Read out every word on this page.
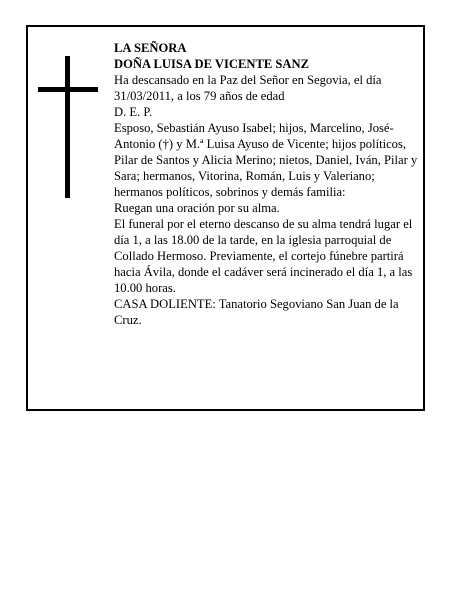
LA SEÑORA

DOÑA LUISA DE VICENTE SANZ

Ha descansado en la Paz del Señor en Segovia, el día 31/03/2011, a los 79 años de edad

D. E. P.

Esposo, Sebastián Ayuso Isabel; hijos, Marcelino, José-Antonio (†) y M.ª Luisa Ayuso de Vicente; hijos políticos, Pilar de Santos y Alicia Merino; nietos, Daniel, Iván, Pilar y Sara; hermanos, Vitorina, Román, Luis y Valeriano; hermanos políticos, sobrinos y demás familia:

Ruegan una oración por su alma.

El funeral por el eterno descanso de su alma tendrá lugar el día 1, a las 18.00 de la tarde, en la iglesia parroquial de Collado Hermoso. Previamente, el cortejo fúnebre partirá hacia Ávila, donde el cadáver será incinerado el día 1, a las 10.00 horas.

CASA DOLIENTE: Tanatorio Segoviano San Juan de la Cruz.
